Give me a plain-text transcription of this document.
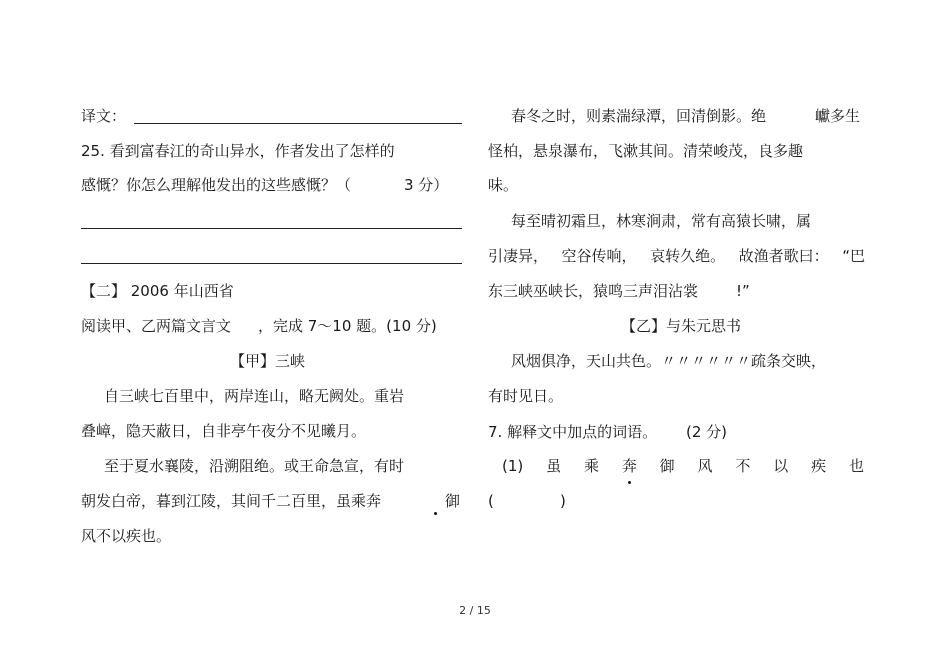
译文：
25. 看到富春江的奇山异水，作者发出了怎样的
感慨？你怎么理解他发出的这些感慨？（	3 分）
【二】 2006 年山西省
阅读甲、乙两篇文言文 ，完成 7～10 题。(10 分)
【甲】三峡
自三峡七百里中，两岸连山，略无阙处。重岩
叠嶂，隐天蔽日，自非亭午夜分不见曦月。
至于夏水襄陵，沿溯阻绝。或王命急宣，有时
朝发白帝，暮到江陵，其间千二百里，虽乘奔	御
风不以疾也。
春冬之时，则素湍绿潭，回清倒影。绝	巘多生
怪柏，悬泉瀑布，飞漱其间。清荣峻茂，良多趣
味。
每至晴初霜旦，林寒涧肃，常有高猿长啸，属
引凄异， 空谷传响， 哀转久绝。 故渔者歌曰： “巴
东三峡巫峡长，猿鸣三声泪沾裳	!”
【乙】与朱元思书
风烟俱净，天山共色。〃〃〃〃〃〃疏条交映，
有时见日。
7. 解释文中加点的词语。 (2 分)
(1) 虽 乘 奔 御 风 不 以 疾 也
(	)
2 / 15
